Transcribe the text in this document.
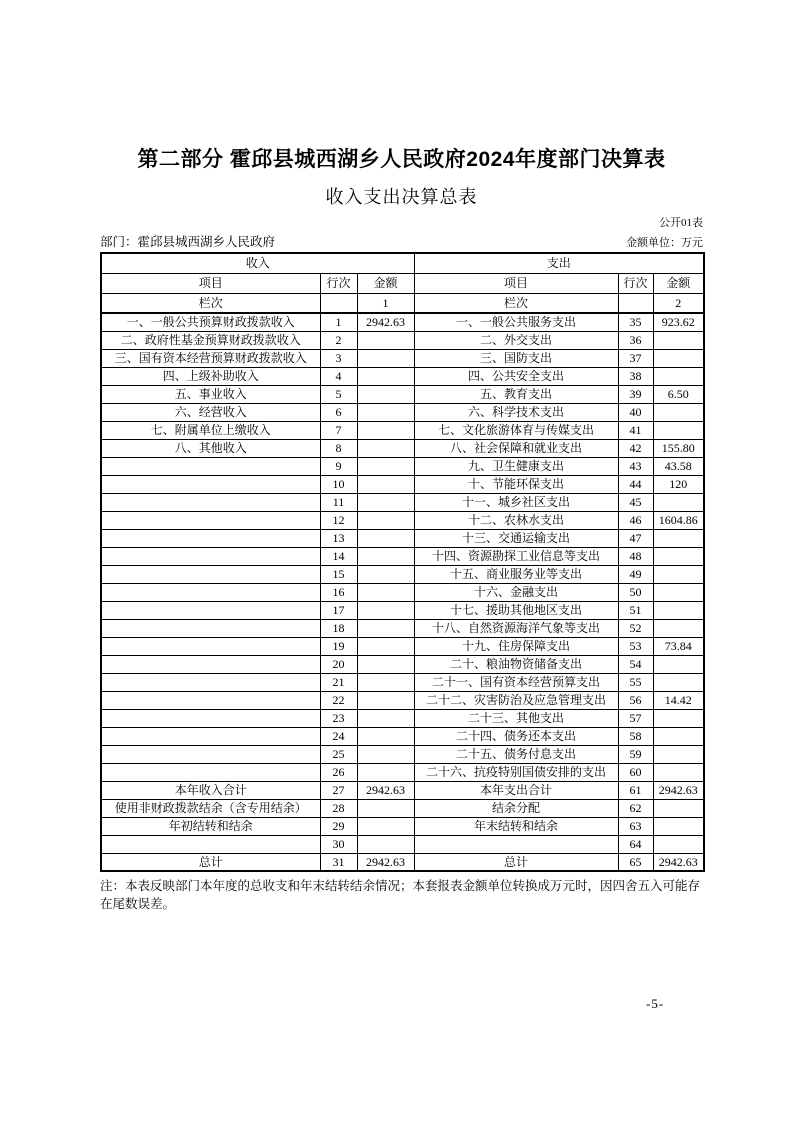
第二部分 霍邱县城西湖乡人民政府2024年度部门决算表
收入支出决算总表
公开01表
部门：霍邱县城西湖乡人民政府	金额单位：万元
收入			支出		
项目	行次	金额	项目	行次	金额
栏次		1	栏次		2
一、一般公共预算财政拨款收入	1	2942.63	一、一般公共服务支出	35	923.62
二、政府性基金预算财政拨款收入	2		二、外交支出	36	
三、国有资本经营预算财政拨款收入	3		三、国防支出	37	
四、上级补助收入	4		四、公共安全支出	38	
五、事业收入	5		五、教育支出	39	6.50
六、经营收入	6		六、科学技术支出	40	
七、附属单位上缴收入	7		七、文化旅游体育与传媒支出	41	
八、其他收入	8		八、社会保障和就业支出	42	155.80
	9		九、卫生健康支出	43	43.58
	10		十、节能环保支出	44	120
	11		十一、城乡社区支出	45	
	12		十二、农林水支出	46	1604.86
	13		十三、交通运输支出	47	
	14		十四、资源勘探工业信息等支出	48	
	15		十五、商业服务业等支出	49	
	16		十六、金融支出	50	
	17		十七、援助其他地区支出	51	
	18		十八、自然资源海洋气象等支出	52	
	19		十九、住房保障支出	53	73.84
	20		二十、粮油物资储备支出	54	
	21		二十一、国有资本经营预算支出	55	
	22		二十二、灾害防治及应急管理支出	56	14.42
	23		二十三、其他支出	57	
	24		二十四、债务还本支出	58	
	25		二十五、债务付息支出	59	
	26		二十六、抗疫特别国债安排的支出	60	
本年收入合计	27	2942.63	本年支出合计	61	2942.63
使用非财政拨款结余（含专用结余）	28		结余分配	62	
年初结转和结余	29		年末结转和结余	63	
	30			64	
总计	31	2942.63	总计	65	2942.63
注：本表反映部门本年度的总收支和年末结转结余情况；本套报表金额单位转换成万元时，因四舍五入可能存在尾数误差。
-5-
